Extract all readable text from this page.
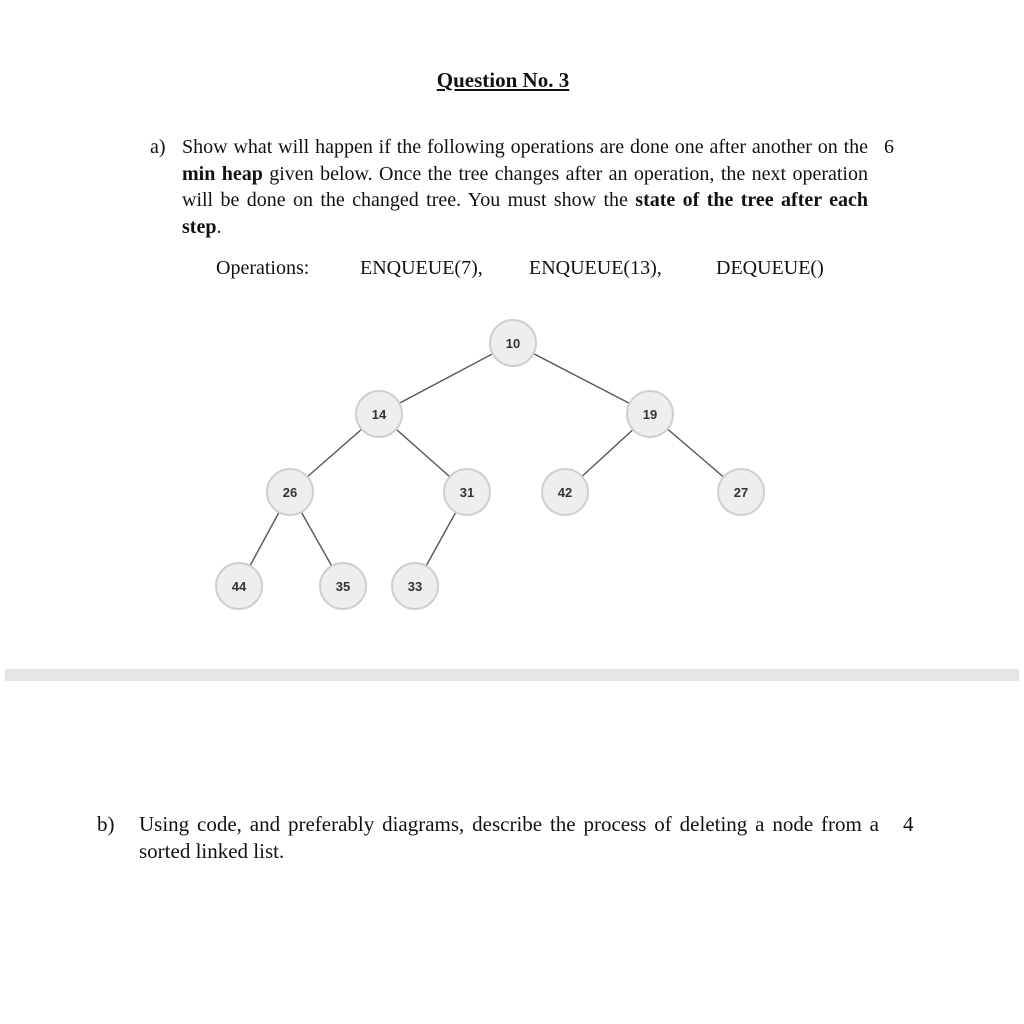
Question No. 3
a) Show what will happen if the following operations are done one after another on the min heap given below. Once the tree changes after an operation, the next operation will be done on the changed tree. You must show the state of the tree after each step.
6
Operations:	ENQUEUE(7), ENQUEUE(13),	DEQUEUE()
10
14	19
26	31	42	27
44	35	33
b) Using code, and preferably diagrams, describe the process of deleting a node from a sorted linked list.
4
